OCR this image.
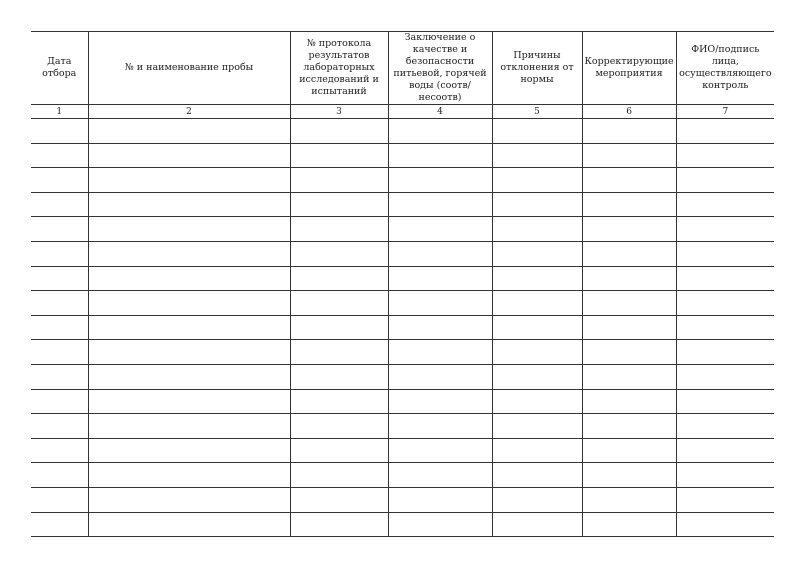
Дата отбора	№ и наименование пробы	№ протокола результатов лабораторных исследований и испытаний	Заключение о качестве и безопасности питьевой, горячей воды (соотв/несоотв)	Причины отклонения от нормы	Корректирующие мероприятия	ФИО/подпись лица, осуществляющего контроль
1	2	3	4	5	6	7
